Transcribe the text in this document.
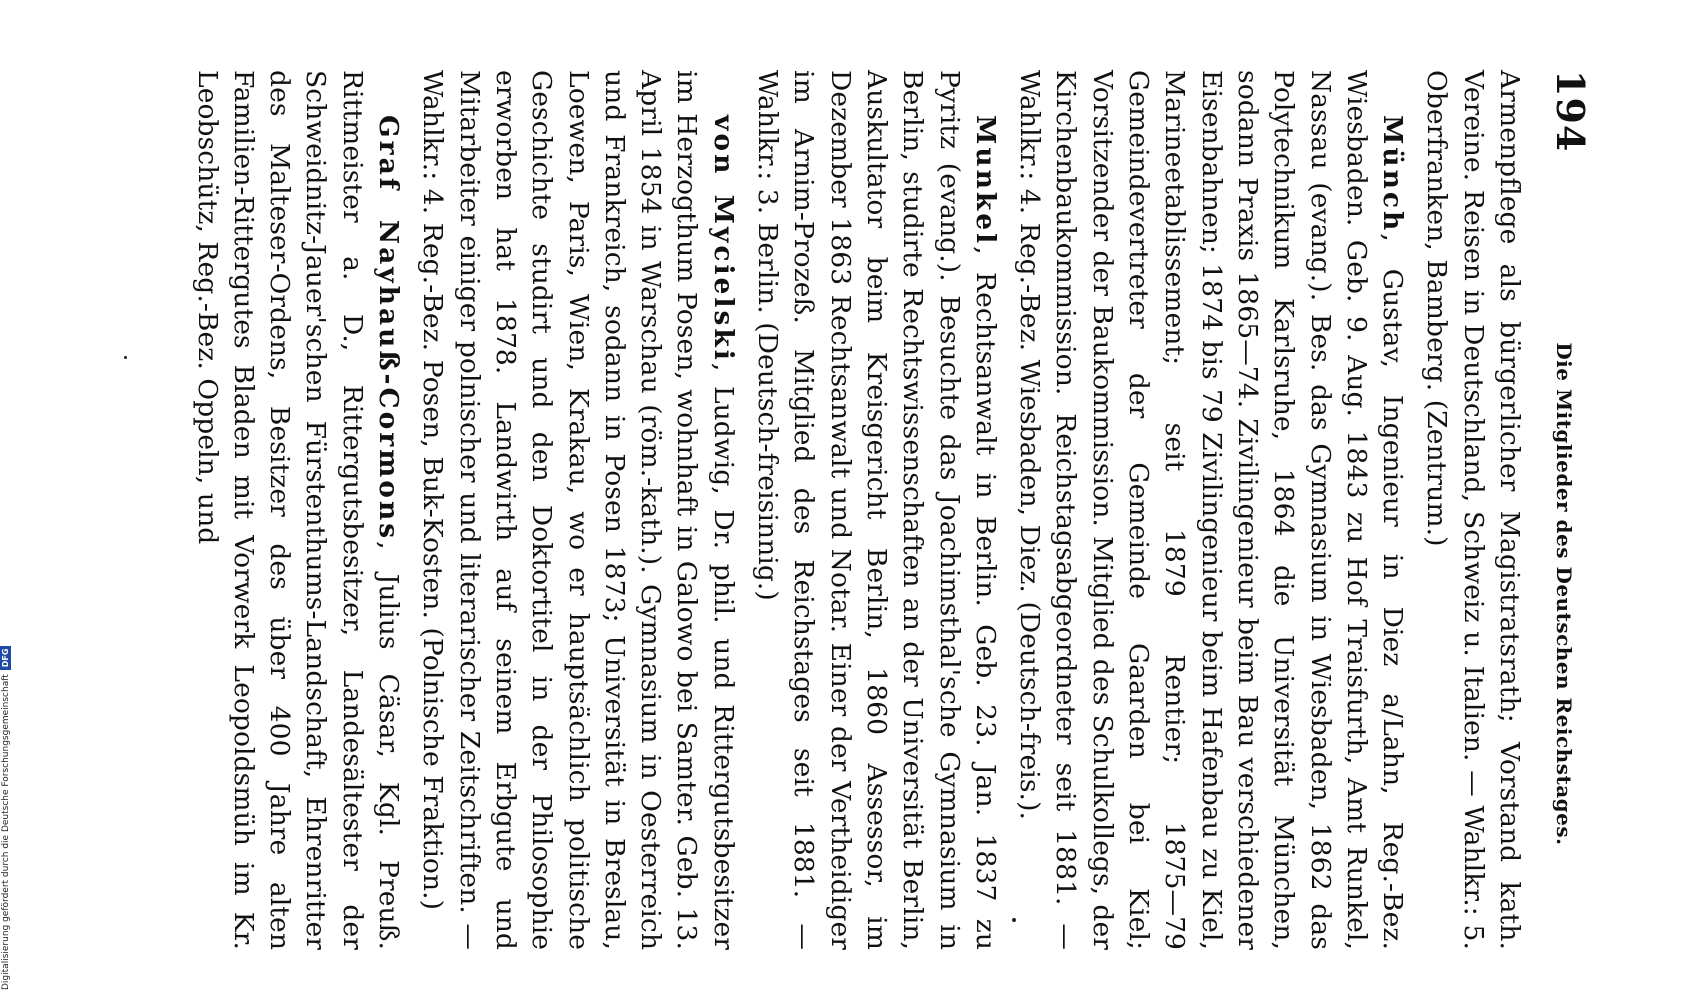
194
Die Mitglieder des Deutschen Reichstages.

Armenpflege als bürgerlicher Magistratsrath; Vorstand kath. Vereine. Reisen in Deutschland, Schweiz u. Italien. — Wahlkr.: 5. Oberfranken, Bamberg. (Zentrum.)

Münch, Gustav, Ingenieur in Diez a/Lahn, Reg.-Bez. Wiesbaden. Geb. 9. Aug. 1843 zu Hof Traisfurth, Amt Runkel, Nassau (evang.). Bes. das Gymnasium in Wiesbaden, 1862 das Polytechnikum Karlsruhe, 1864 die Universität München, sodann Praxis 1865—74. Zivilingenieur beim Bau verschiedener Eisenbahnen; 1874 bis 79 Zivilingenieur beim Hafenbau zu Kiel, Marineetablissement; seit 1879 Rentier; 1875—79 Gemeindevertreter der Gemeinde Gaarden bei Kiel; Vorsitzender der Baukommission. Mitglied des Schulkollegs, der Kirchenbaukommission. Reichstagsabgeordneter seit 1881. — Wahlkr.: 4. Reg.-Bez. Wiesbaden, Diez. (Deutsch-freis.).

Munkel, Rechtsanwalt in Berlin. Geb. 23. Jan. 1837 zu Pyritz (evang.). Besuchte das Joachimsthal'sche Gymnasium in Berlin, studirte Rechtswissenschaften an der Universität Berlin, Auskultator beim Kreisgericht Berlin, 1860 Assessor, im Dezember 1863 Rechtsanwalt und Notar. Einer der Vertheidiger im Arnim-Prozeß. Mitglied des Reichstages seit 1881. — Wahlkr.: 3. Berlin. (Deutsch-freisinnig.)

von Mycielski, Ludwig, Dr. phil. und Rittergutsbesitzer im Herzogthum Posen, wohnhaft in Galowo bei Samter. Geb. 13. April 1854 in Warschau (röm.-kath.). Gymnasium in Oesterreich und Frankreich, sodann in Posen 1873; Universität in Breslau, Loewen, Paris, Wien, Krakau, wo er hauptsächlich politische Geschichte studirt und den Doktortitel in der Philosophie erworben hat 1878. Landwirth auf seinem Erbgute und Mitarbeiter einiger polnischer und literarischer Zeitschriften. — Wahlkr.: 4. Reg.-Bez. Posen, Buk-Kosten. (Polnische Fraktion.)

Graf Nayhauß-Cormons, Julius Cäsar, Kgl. Preuß. Rittmeister a. D., Rittergutsbesitzer, Landesältester der Schweidnitz-Jauer'schen Fürstenthums-Landschaft, Ehrenritter des Malteser-Ordens, Besitzer des über 400 Jahre alten Familien-Rittergutes Bladen mit Vorwerk Leopoldsmüh im Kr. Leobschütz, Reg.-Bez. Oppeln, und

Digitalisierung gefördert durch die Deutsche Forschungsgemeinschaft
DFG
